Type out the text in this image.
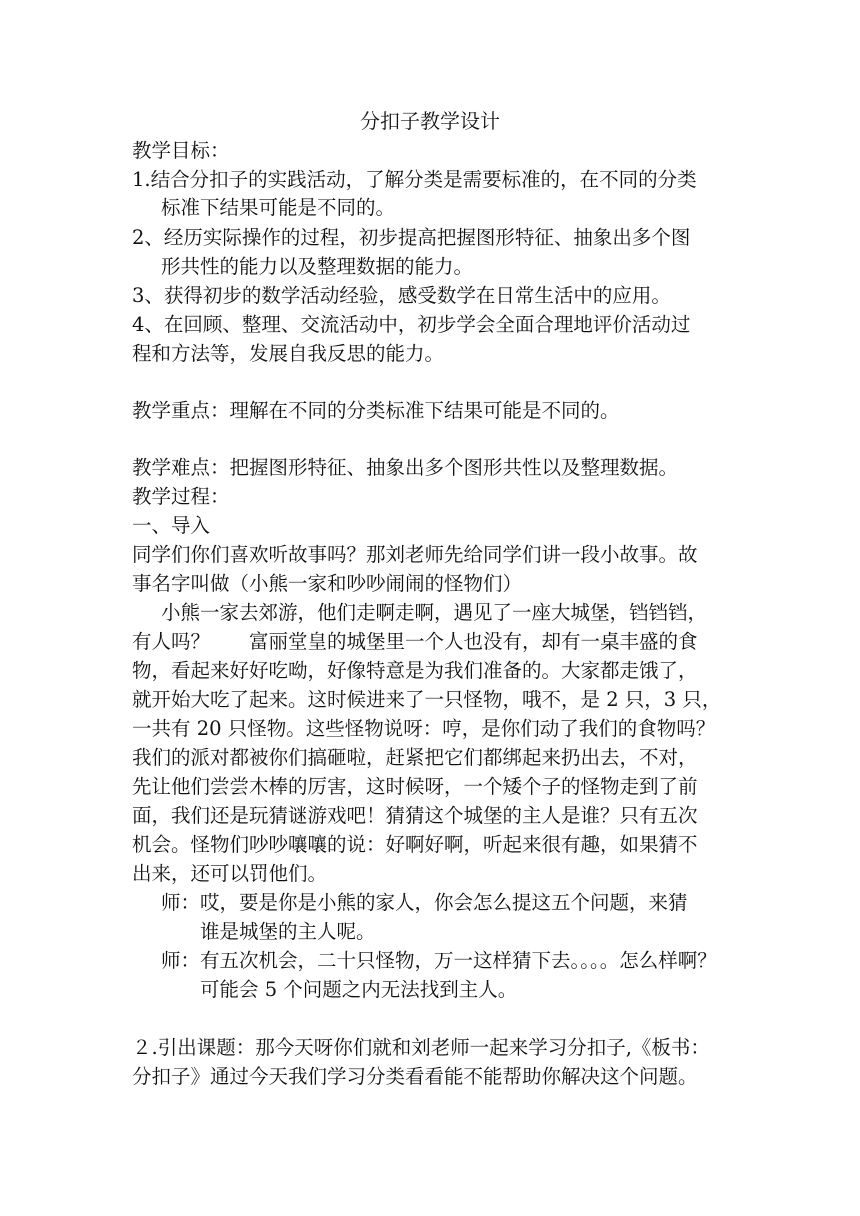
分扣子教学设计
教学目标：
1.结合分扣子的实践活动，了解分类是需要标准的，在不同的分类
标准下结果可能是不同的。
2、经历实际操作的过程，初步提高把握图形特征、抽象出多个图
形共性的能力以及整理数据的能力。
3、获得初步的数学活动经验，感受数学在日常生活中的应用。
4、在回顾、整理、交流活动中，初步学会全面合理地评价活动过
程和方法等，发展自我反思的能力。
教学重点：理解在不同的分类标准下结果可能是不同的。
教学难点：把握图形特征、抽象出多个图形共性以及整理数据。
教学过程：
一、导入
同学们你们喜欢听故事吗？那刘老师先给同学们讲一段小故事。故
事名字叫做（小熊一家和吵吵闹闹的怪物们）
小熊一家去郊游，他们走啊走啊，遇见了一座大城堡，铛铛铛，
有人吗？　　富丽堂皇的城堡里一个人也没有，却有一桌丰盛的食
物，看起来好好吃呦，好像特意是为我们准备的。大家都走饿了，
就开始大吃了起来。这时候进来了一只怪物，哦不，是 2 只，3 只，
一共有 20 只怪物。这些怪物说呀：哼，是你们动了我们的食物吗？
我们的派对都被你们搞砸啦，赶紧把它们都绑起来扔出去，不对，
先让他们尝尝木棒的厉害，这时候呀，一个矮个子的怪物走到了前
面，我们还是玩猜谜游戏吧！猜猜这个城堡的主人是谁？只有五次
机会。怪物们吵吵嚷嚷的说：好啊好啊，听起来很有趣，如果猜不
出来，还可以罚他们。
师：哎，要是你是小熊的家人，你会怎么提这五个问题，来猜
谁是城堡的主人呢。
师：有五次机会，二十只怪物，万一这样猜下去。。。。怎么样啊？
可能会 5 个问题之内无法找到主人。
２.引出课题：那今天呀你们就和刘老师一起来学习分扣子,《板书：
分扣子》通过今天我们学习分类看看能不能帮助你解决这个问题。
